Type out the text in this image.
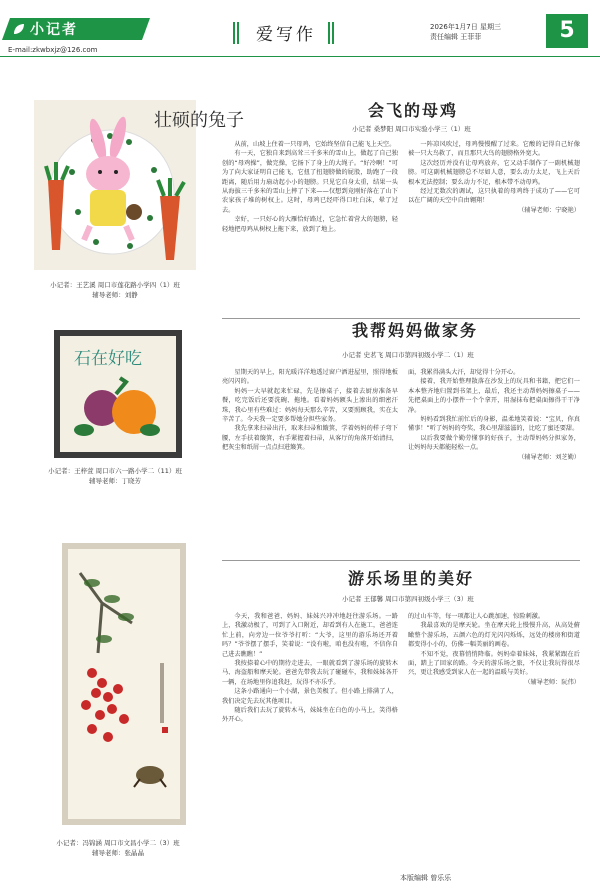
小记者
E-mail:zkwbxjz@126.com
爱写作	2026年1月7日 星期三
责任编辑 王菲菲	5
壮硕的兔子
小记者：王艺溪 周口市莲花路小学四（1）班
辅导老师：刘静
石在好吃
小记者：王梓萱 周口市六一路小学二（11）班
辅导老师：丁晓芳
小记者：冯锦涵 周口市文昌小学二（3）班
辅导老师：张晶晶
会飞的母鸡
小记者 桑梦阳 周口市实验小学三（1）班

从前，山坡上住着一只母鸡，它始终坚信自己能飞上天空。

有一天，它独自来到高耸三千多米的雪山上，做起了自己独创的“母鸡操”，做完操，它扬下了身上的大绳子。“好冷啊！”可为了向大家证明自己能飞，它扭了扭翅膀做的屁股，助跑了一段距离，随后用力扇动起小小的翅膀。只见它自身太重，结果一头从海拔三千多米的雪山上摔了下来——仅想到竟刚好落在了山下农家孩子堆的树权上。这时，母鸡已经吓得口吐白沫，晕了过去。

幸好，一只好心的大雁恰好路过，它急忙着营大的翅膀，轻轻地把母鸡从树杈上拖下来，放到了地上。

一阵凉风吹过，母鸡慢慢醒了过来。它酸的记得自己好像被一只大鸟救了，而且那只大鸟的翅膀格外宽大。

这次经历并没有让母鸡放弃，它又动手制作了一副机械翅膀。可这副机械翅膀总不尽如人意，要么动力太足，飞上天后根本无法控制；要么动力不足，根本带不动母鸡。

经过无数次的调试，这只执着的母鸡终于成功了——它可以在广阔的天空中自由翱翔！

（辅导老师：宁晓艳）

我帮妈妈做家务
小记者 史茗飞 周口市第四初级小学二（1）班

星期天的早上，阳光暖洋洋地透过窗户洒进屋里，照得地板亮闪闪的。

妈妈一大早就起来忙碌，先是擦桌子，接着去厨房准备早餐，吃完饭后还要洗碗、拖地。看着妈妈额头上渗出的细密汗珠，我心里有些难过：妈妈每天那么辛苦，又要照顾我，实在太辛苦了。今天我一定要多帮她分担些家务。

我先拿来扫帚出汗，取来扫帚和簸箕，学着妈妈的样子弯下腰，左手扶着簸箕，右手紧握着扫帚，从客厅的角落开始清扫，把灰尘和纸屑一点点扫进簸箕。

面，我累得满头大汗，却觉得十分开心。

接着，我开始整理散落在沙发上的玩具和书籍，把它们一本本整齐地归置到书架上，最后，我还主动帮妈妈擦桌子——先把桌面上的小摆件一个个拿开，用湿抹布把桌面擦得干干净净。

妈妈看到我忙前忙后的身影，温柔地笑着说：“宝贝，你真懂事！”听了妈妈的夸奖，我心里甜滋滋的，比吃了蜜还要甜。

以后我要做个勤劳懂事的好孩子，主动帮妈妈分担家务，让妈妈每天都能轻松一点。

（辅导老师：刘芝勤）

游乐场里的美好
小记者 王郁馨 周口市第四初级小学三（3）班

今天，我和爸爸、妈妈、妹妹兴冲冲地赶往游乐场。一路上，我激动极了，可到了入口附近，却看到有人在施工，爸爸连忙上前，向旁边一位爷爷打听：“大爷，这里的游乐场还开着吗？”爷爷摆了摆手，笑着说：“没有啦，咱也没有啦，不信你自己进去瞧瞧！”

我按捺着心中的期待走进去，一眼就看到了游乐场的旋转木马、海盗船和摩天轮。爸爸先带我去玩了碰碰车，我和妹妹各开一辆，在场地里你追我赶，玩得不亦乐乎。

这条小路通向一个小湖，景色美极了。但小路上排满了人，我们决定先去玩其他项目。

随后我们去玩了旋转木马，妹妹坐在白色的小马上，笑得格外开心。

的过山车等，每一项都让人心跳加速，惊险刺激。

我最喜欢的是摩天轮。坐在摩天轮上慢慢升高，从高处俯瞰整个游乐场，五颜六色的灯光闪闪烁烁，远处的楼房和街道都变得小小的，仿佛一幅美丽的画卷。

不知不觉，夜幕悄悄降临。妈妈牵着妹妹，我紧紧跟在后面，踏上了回家的路。今天的游乐场之旅，不仅让我玩得很尽兴，更让我感受到家人在一起的温暖与美好。

（辅导老师：阮伟）

本版编辑 曾乐乐
